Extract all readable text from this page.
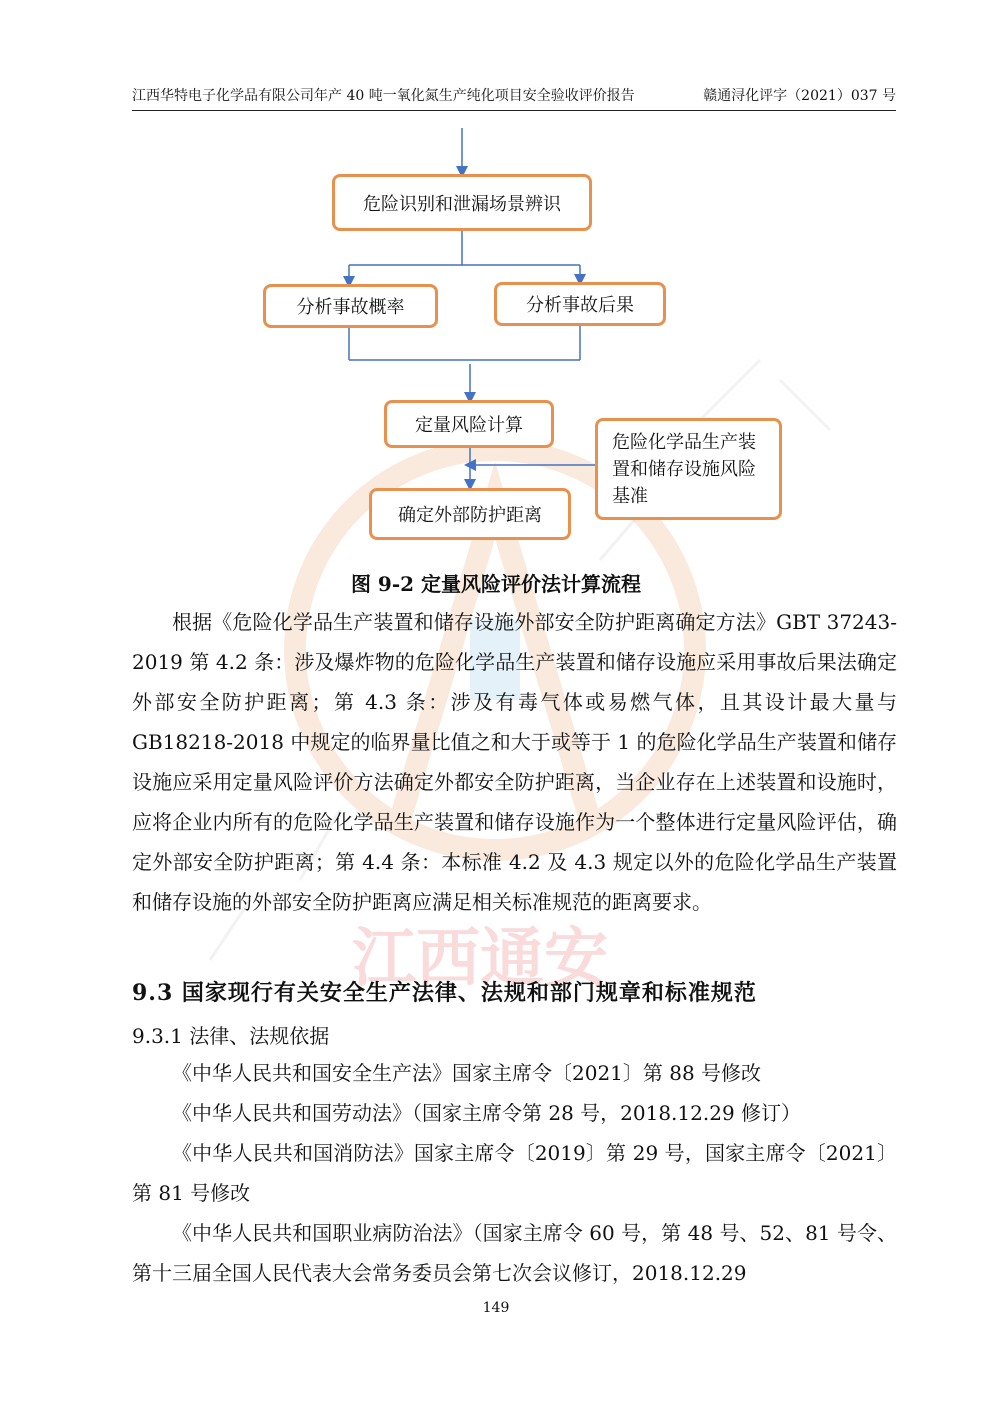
江西华特电子化学品有限公司年产 40 吨一氧化氮生产纯化项目安全验收评价报告	赣通浔化评字（2021）037 号
江西通安
危险识别和泄漏场景辨识
分析事故概率	分析事故后果
定量风险计算
确定外部防护距离
危险化学品生产装置和储存设施风险基准
图 9-2 定量风险评价法计算流程

根据《危险化学品生产装置和储存设施外部安全防护距离确定方法》GBT 37243-2019 第 4.2 条：涉及爆炸物的危险化学品生产装置和储存设施应采用事故后果法确定外部安全防护距离；第 4.3 条：涉及有毒气体或易燃气体，且其设计最大量与 GB18218-2018 中规定的临界量比值之和大于或等于 1 的危险化学品生产装置和储存设施应采用定量风险评价方法确定外都安全防护距离，当企业存在上述装置和设施时，应将企业内所有的危险化学品生产装置和储存设施作为一个整体进行定量风险评估，确定外部安全防护距离；第 4.4 条：本标准 4.2 及 4.3 规定以外的危险化学品生产装置和储存设施的外部安全防护距离应满足相关标准规范的距离要求。

9.3 国家现行有关安全生产法律、法规和部门规章和标准规范
9.3.1 法律、法规依据

《中华人民共和国安全生产法》国家主席令〔2021〕第 88 号修改

《中华人民共和国劳动法》（国家主席令第 28 号，2018.12.29 修订）

《中华人民共和国消防法》国家主席令〔2019〕第 29 号，国家主席令〔2021〕第 81 号修改

《中华人民共和国职业病防治法》（国家主席令 60 号，第 48 号、52、81 号令、第十三届全国人民代表大会常务委员会第七次会议修订，2018.12.29

149
